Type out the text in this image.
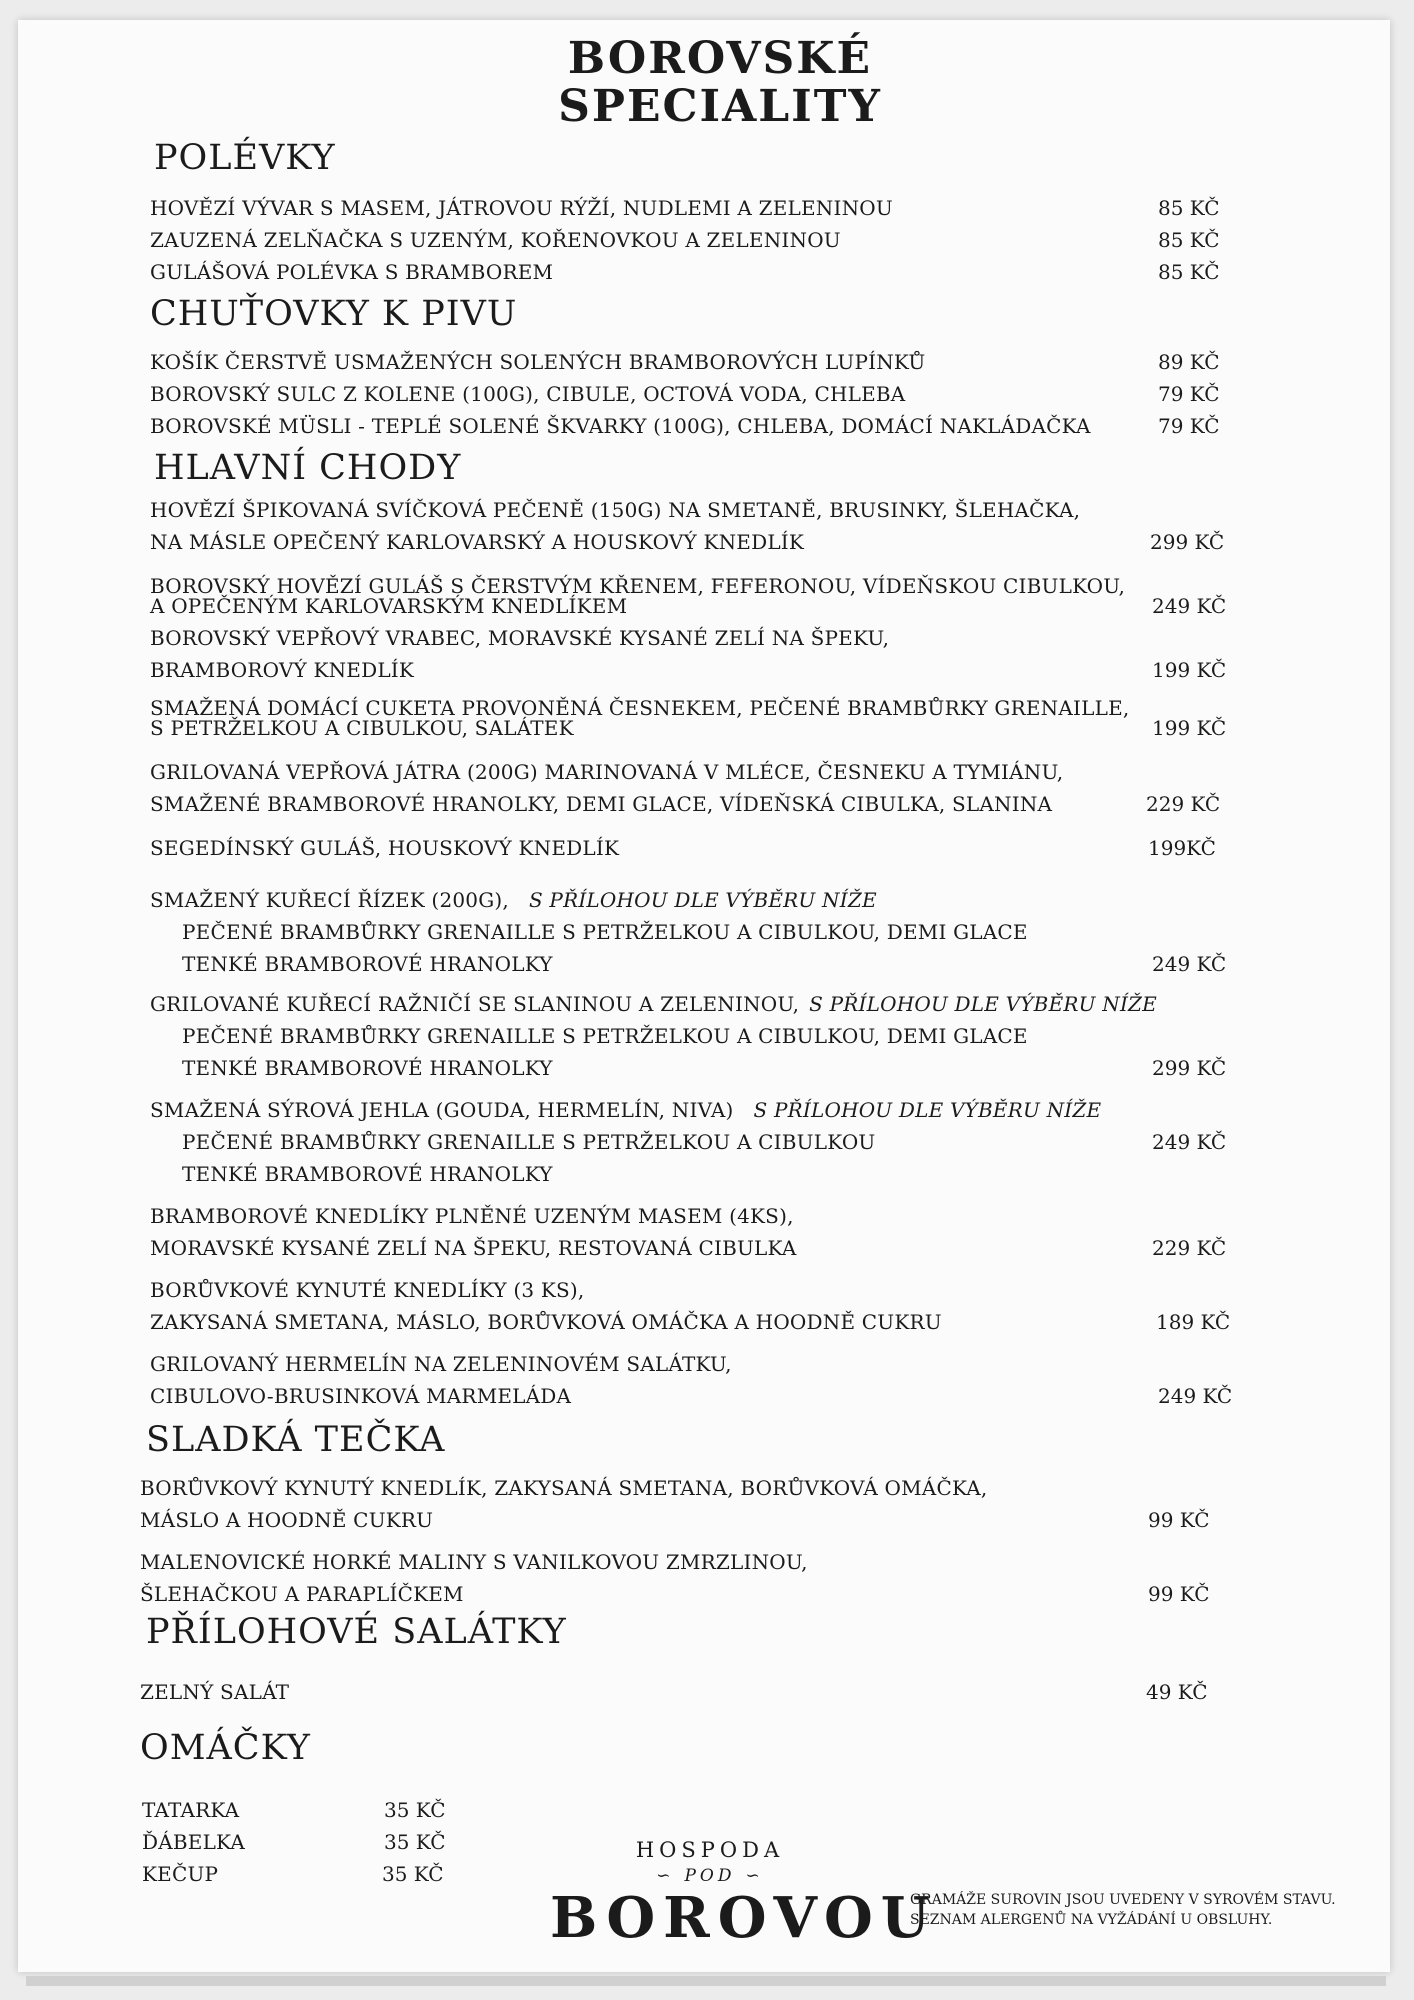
BOROVSKÉ
SPECIALITY
POLÉVKY
HOVĚZÍ VÝVAR S MASEM, JÁTROVOU RÝŽÍ, NUDLEMI A ZELENINOU	85 KČ
ZAUZENÁ ZELŇAČKA S UZENÝM, KOŘENOVKOU A ZELENINOU	85 KČ
GULÁŠOVÁ POLÉVKA S BRAMBOREM	85 KČ
CHUŤOVKY K PIVU
KOŠÍK ČERSTVĚ USMAŽENÝCH SOLENÝCH BRAMBOROVÝCH LUPÍNKŮ	89 KČ
BOROVSKÝ SULC Z KOLENE (100G), CIBULE, OCTOVÁ VODA, CHLEBA	79 KČ
BOROVSKÉ MÜSLI - TEPLÉ SOLENÉ ŠKVARKY (100G), CHLEBA, DOMÁCÍ NAKLÁDAČKA	79 KČ
HLAVNÍ CHODY
HOVĚZÍ ŠPIKOVANÁ SVÍČKOVÁ PEČENĚ (150G) NA SMETANĚ, BRUSINKY, ŠLEHAČKA,
NA MÁSLE OPEČENÝ KARLOVARSKÝ A HOUSKOVÝ KNEDLÍK	299 KČ
BOROVSKÝ HOVĚZÍ GULÁŠ S ČERSTVÝM KŘENEM, FEFERONOU, VÍDEŇSKOU CIBULKOU,
A OPEČENÝM KARLOVARSKÝM KNEDLÍKEM	249 KČ
BOROVSKÝ VEPŘOVÝ VRABEC, MORAVSKÉ KYSANÉ ZELÍ NA ŠPEKU,
BRAMBOROVÝ KNEDLÍK	199 KČ
SMAŽENÁ DOMÁCÍ CUKETA PROVONĚNÁ ČESNEKEM, PEČENÉ BRAMBŮRKY GRENAILLE,
S PETRŽELKOU A CIBULKOU, SALÁTEK	199 KČ
GRILOVANÁ VEPŘOVÁ JÁTRA (200G) MARINOVANÁ V MLÉCE, ČESNEKU A TYMIÁNU,
SMAŽENÉ BRAMBOROVÉ HRANOLKY, DEMI GLACE, VÍDEŇSKÁ CIBULKA, SLANINA	229 KČ
SEGEDÍNSKÝ GULÁŠ, HOUSKOVÝ KNEDLÍK	199KČ
SMAŽENÝ KUŘECÍ ŘÍZEK (200G), S PŘÍLOHOU DLE VÝBĚRU NÍŽE
PEČENÉ BRAMBŮRKY GRENAILLE S PETRŽELKOU A CIBULKOU, DEMI GLACE
TENKÉ BRAMBOROVÉ HRANOLKY	249 KČ
GRILOVANÉ KUŘECÍ RAŽNIČÍ SE SLANINOU A ZELENINOU, S PŘÍLOHOU DLE VÝBĚRU NÍŽE
PEČENÉ BRAMBŮRKY GRENAILLE S PETRŽELKOU A CIBULKOU, DEMI GLACE
TENKÉ BRAMBOROVÉ HRANOLKY	299 KČ
SMAŽENÁ SÝROVÁ JEHLA (GOUDA, HERMELÍN, NIVA) S PŘÍLOHOU DLE VÝBĚRU NÍŽE
PEČENÉ BRAMBŮRKY GRENAILLE S PETRŽELKOU A CIBULKOU	249 KČ
TENKÉ BRAMBOROVÉ HRANOLKY
BRAMBOROVÉ KNEDLÍKY PLNĚNÉ UZENÝM MASEM (4KS),
MORAVSKÉ KYSANÉ ZELÍ NA ŠPEKU, RESTOVANÁ CIBULKA	229 KČ
BORŮVKOVÉ KYNUTÉ KNEDLÍKY (3 KS),
ZAKYSANÁ SMETANA, MÁSLO, BORŮVKOVÁ OMÁČKA A HOODNĚ CUKRU	189 KČ
GRILOVANÝ HERMELÍN NA ZELENINOVÉM SALÁTKU,
CIBULOVO-BRUSINKOVÁ MARMELÁDA	249 KČ
SLADKÁ TEČKA
BORŮVKOVÝ KYNUTÝ KNEDLÍK, ZAKYSANÁ SMETANA, BORŮVKOVÁ OMÁČKA,
MÁSLO A HOODNĚ CUKRU	99 KČ
MALENOVICKÉ HORKÉ MALINY S VANILKOVOU ZMRZLINOU,
ŠLEHAČKOU A PARAPLÍČKEM	99 KČ
PŘÍLOHOVÉ SALÁTKY
ZELNÝ SALÁT	49 KČ
OMÁČKY
TATARKA	35 KČ
ĎÁBELKA	35 KČ
KEČUP	35 KČ
HOSPODA
∽ POD ∽
BOROVOU
GRAMÁŽE SUROVIN JSOU UVEDENY V SYROVÉM STAVU.
SEZNAM ALERGENŮ NA VYŽÁDÁNÍ U OBSLUHY.
